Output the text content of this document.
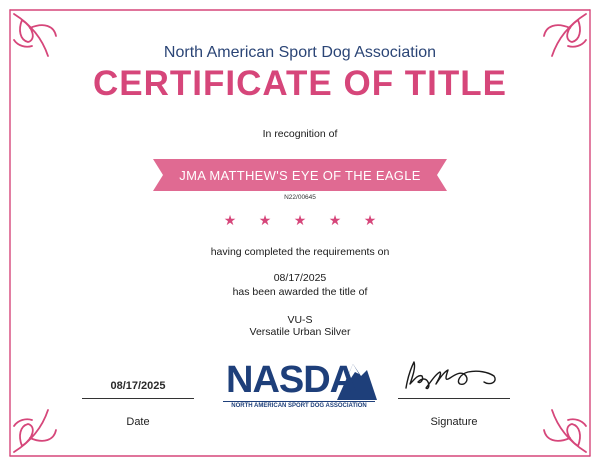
North American Sport Dog Association
CERTIFICATE OF TITLE
In recognition of
JMA MATTHEW'S EYE OF THE EAGLE
N22/00645
★ ★ ★ ★ ★
having completed the requirements on
08/17/2025
has been awarded the title of
VU-S
Versatile Urban Silver
08/17/2025
Date
NASDA
NORTH AMERICAN SPORT DOG ASSOCIATION
Signature
